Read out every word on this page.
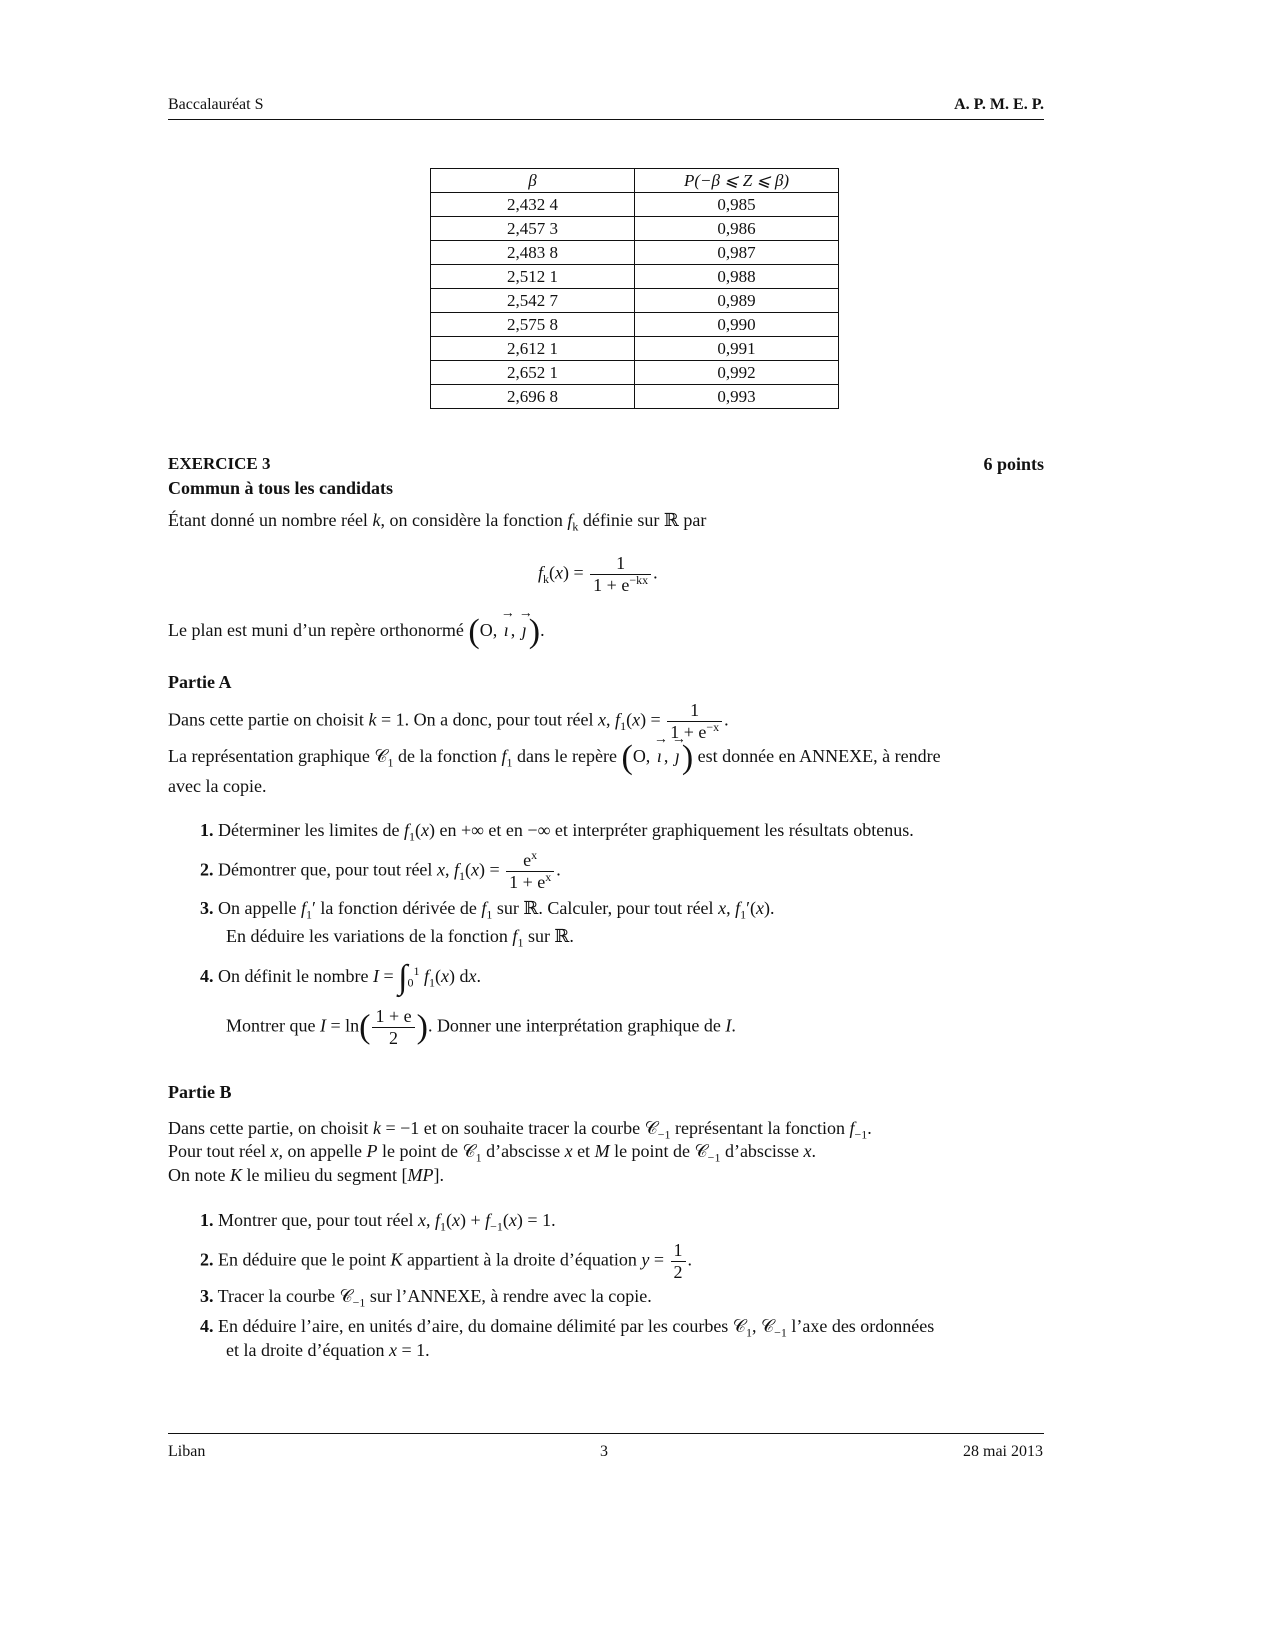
Baccalauréat S	A. P. M. E. P.
β	P(−β ⩽ Z ⩽ β)
2,432 4	0,985
2,457 3	0,986
2,483 8	0,987
2,512 1	0,988
2,542 7	0,989
2,575 8	0,990
2,612 1	0,991
2,652 1	0,992
2,696 8	0,993
EXERCICE 3	6 points
Commun à tous les candidats
Étant donné un nombre réel k, on considère la fonction $f_k$ définie sur ℝ par
$f_k(x) = \frac{1}{1 + e^{-kx}}$ .
Le plan est muni d’un repère orthonormé (O, → ı , → ȷ).
Partie A
Dans cette partie on choisit k = 1. On a donc, pour tout réel x, $f_1(x) = \frac{1}{1 + e^{-x}}$ .
La représentation graphique 𝒞$_1$ de la fonction $f_1$ dans le repère (O, → ı , → ȷ) est donnée en ANNEXE, à rendre
avec la copie.
1. Déterminer les limites de $f_1(x)$ en +∞ et en −∞ et interpréter graphiquement les résultats obtenus.
2. Démontrer que, pour tout réel x, $f_1(x) = \frac{e^x}{1 + e^x}$ .
3. On appelle $f_1'$ la fonction dérivée de $f_1$ sur ℝ. Calculer, pour tout réel x, $f_1'(x)$.
En déduire les variations de la fonction $f_1$ sur ℝ.
4. On définit le nombre $I = \int_0^1$ $f_1(x)$ dx.
Montrer que $I = \ln( \frac{1 + e}{2}$ ). Donner une interprétation graphique de I.
Partie B
Dans cette partie, on choisit k = −1 et on souhaite tracer la courbe 𝒞$_{-1}$ représentant la fonction $f_{-1}$.
Pour tout réel x, on appelle P le point de 𝒞$_1$ d’abscisse x et M le point de 𝒞$_{-1}$ d’abscisse x.
On note K le milieu du segment [MP].
1. Montrer que, pour tout réel x, $f_1(x) + f_{-1}(x) = 1$.
2. En déduire que le point K appartient à la droite d’équation $y = \frac{1}{2}$ .
3. Tracer la courbe 𝒞$_{-1}$ sur l’ANNEXE, à rendre avec la copie.
4. En déduire l’aire, en unités d’aire, du domaine délimité par les courbes 𝒞$_1$, 𝒞$_{-1}$ l’axe des ordonnées
et la droite d’équation x = 1.
Liban	3	28 mai 2013
